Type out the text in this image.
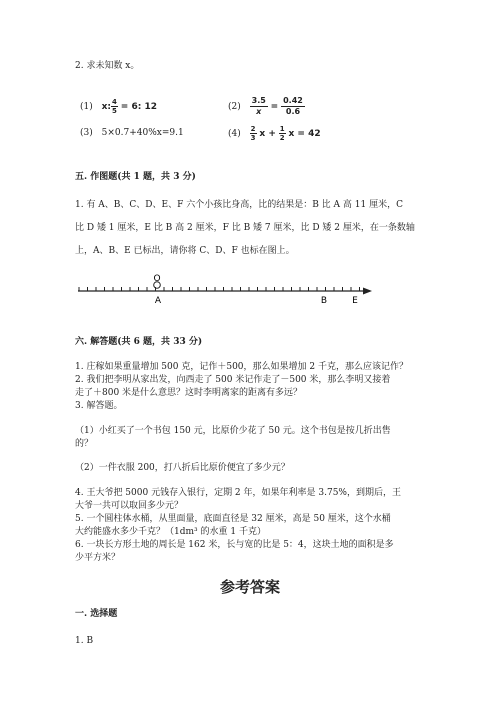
2. 求未知数 x。
(1) x: $\frac{4}{5} = 6$: 12	$(2) \frac{3.5}{x} = \frac{0.42}{0.6}$
(3) 5×0.7+40%x=9.1	$(4) \frac{2}{3}$ $x + \frac{1}{2}$ x = 42
五. 作图题(共 1 题，共 3 分)
1. 有 A、B、C、D、E、F 六个小孩比身高，比的结果是：B 比 A 高 11 厘米，C
比 D 矮 1 厘米，E 比 B 高 2 厘米，F 比 B 矮 7 厘米，比 D 矮 2 厘米，在一条数轴
上，A、B、E 已标出，请你将 C、D、F 也标在图上。
O
A	B	E
六. 解答题(共 6 题，共 33 分)
1. 庄稼如果重量增加 500 克，记作＋500，那么如果增加 2 千克，那么应该记作？
2. 我们把李明从家出发，向西走了 500 米记作走了－500 米，那么李明又接着
走了＋800 米是什么意思？这时李明离家的距离有多远？
3. 解答题。
（1）小红买了一个书包 150 元，比原价少花了 50 元。这个书包是按几折出售
的？
（2）一件衣服 200，打八折后比原价便宜了多少元？
4. 王大爷把 5000 元钱存入银行，定期 2 年，如果年利率是 3.75%，到期后，王
大爷一共可以取回多少元？
5. 一个圆柱体水桶，从里面量，底面直径是 32 厘米，高是 50 厘米，这个水桶
大约能盛水多少千克？（1dm³ 的水重 1 千克）
6. 一块长方形土地的周长是 162 米，长与宽的比是 5：4，这块土地的面积是多
少平方米？
参考答案
一. 选择题
1. B
